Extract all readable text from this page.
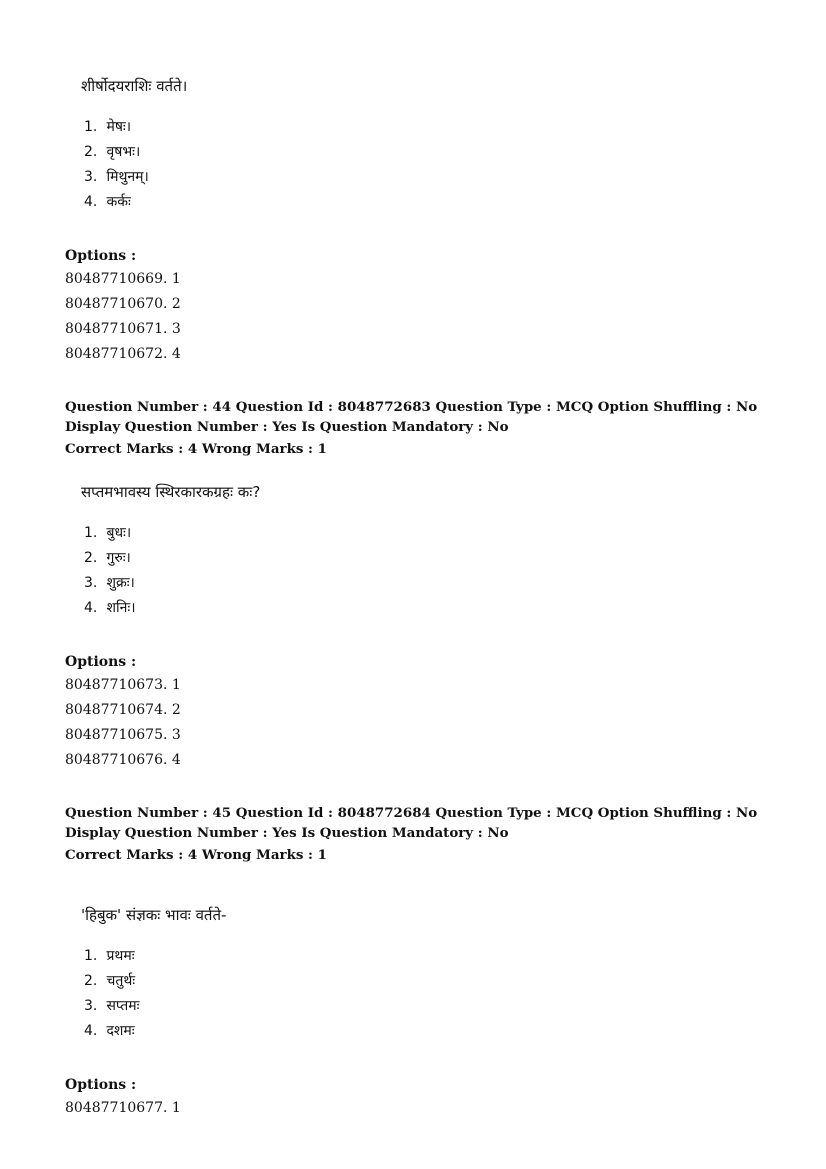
शीर्षोदयराशिः वर्तते।
1. मेषः।
2. वृषभः।
3. मिथुनम्।
4. कर्कः
Options :
80487710669. 1
80487710670. 2
80487710671. 3
80487710672. 4
Question Number : 44 Question Id : 8048772683 Question Type : MCQ Option Shuffling : No
Display Question Number : Yes Is Question Mandatory : No
Correct Marks : 4 Wrong Marks : 1
सप्तमभावस्य स्थिरकारकग्रहः कः?
1. बुधः।
2. गुरुः।
3. शुक्रः।
4. शनिः।
Options :
80487710673. 1
80487710674. 2
80487710675. 3
80487710676. 4
Question Number : 45 Question Id : 8048772684 Question Type : MCQ Option Shuffling : No
Display Question Number : Yes Is Question Mandatory : No
Correct Marks : 4 Wrong Marks : 1
'हिबुक' संज्ञकः भावः वर्तते-
1. प्रथमः
2. चतुर्थः
3. सप्तमः
4. दशमः
Options :
80487710677. 1
